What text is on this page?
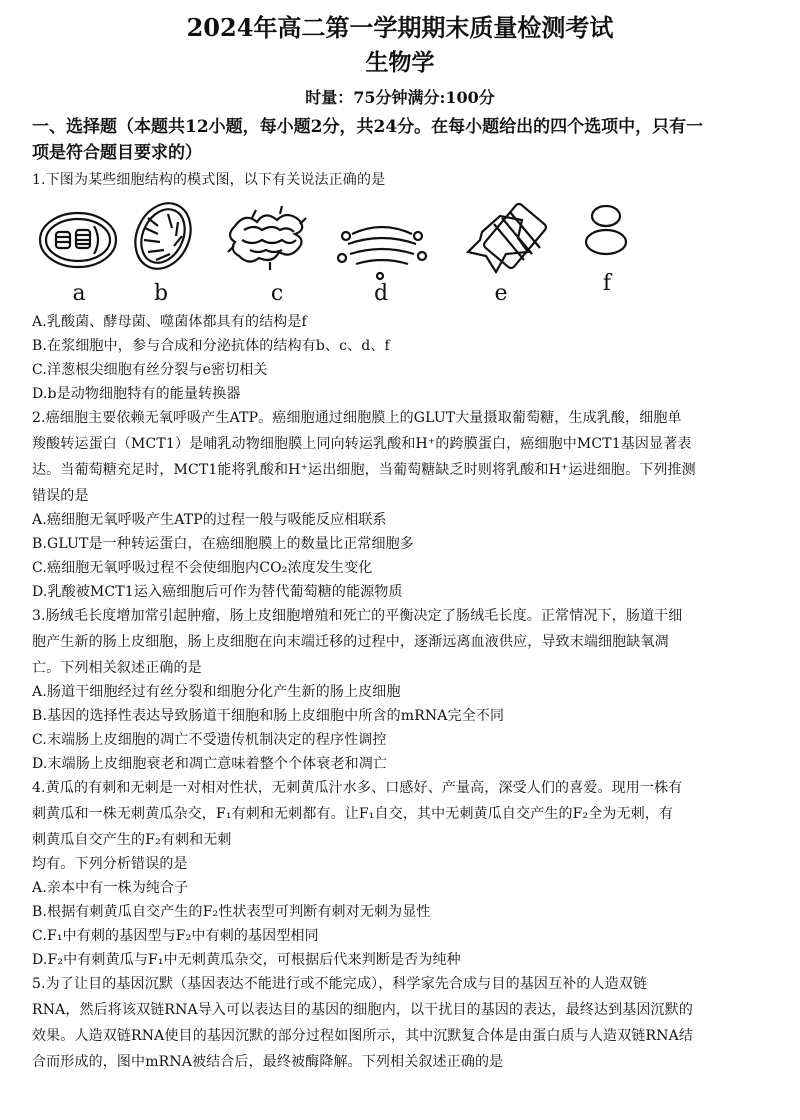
2024年高二第一学期期末质量检测考试
生物学
时量：75分钟满分:100分
一、选择题（本题共12小题，每小题2分，共24分。在每小题给出的四个选项中，只有一
项是符合题目要求的）
1.下图为某些细胞结构的模式图，以下有关说法正确的是
a	b	c	d	e	f
A.乳酸菌、酵母菌、噬菌体都具有的结构是f
B.在浆细胞中，参与合成和分泌抗体的结构有b、c、d、f
C.洋葱根尖细胞有丝分裂与e密切相关
D.b是动物细胞特有的能量转换器
2.癌细胞主要依赖无氧呼吸产生ATP。癌细胞通过细胞膜上的GLUT大量摄取葡萄糖，生成乳酸，细胞单
羧酸转运蛋白（MCT1）是哺乳动物细胞膜上同向转运乳酸和H⁺的跨膜蛋白，癌细胞中MCT1基因显著表
达。当葡萄糖充足时，MCT1能将乳酸和H⁺运出细胞，当葡萄糖缺乏时则将乳酸和H⁺运进细胞。下列推测
错误的是
A.癌细胞无氧呼吸产生ATP的过程一般与吸能反应相联系
B.GLUT是一种转运蛋白，在癌细胞膜上的数量比正常细胞多
C.癌细胞无氧呼吸过程不会使细胞内CO₂浓度发生变化
D.乳酸被MCT1运入癌细胞后可作为替代葡萄糖的能源物质
3.肠绒毛长度增加常引起肿瘤，肠上皮细胞增殖和死亡的平衡决定了肠绒毛长度。正常情况下，肠道干细
胞产生新的肠上皮细胞，肠上皮细胞在向末端迁移的过程中，逐渐远离血液供应，导致末端细胞缺氧凋
亡。下列相关叙述正确的是
A.肠道干细胞经过有丝分裂和细胞分化产生新的肠上皮细胞
B.基因的选择性表达导致肠道干细胞和肠上皮细胞中所含的mRNA完全不同
C.末端肠上皮细胞的凋亡不受遗传机制决定的程序性调控
D.末端肠上皮细胞衰老和凋亡意味着整个个体衰老和凋亡
4.黄瓜的有刺和无刺是一对相对性状，无刺黄瓜汁水多、口感好、产量高，深受人们的喜爱。现用一株有
刺黄瓜和一株无刺黄瓜杂交，F₁有刺和无刺都有。让F₁自交，其中无刺黄瓜自交产生的F₂全为无刺，有
刺黄瓜自交产生的F₂有刺和无刺
均有。下列分析错误的是
A.亲本中有一株为纯合子
B.根据有刺黄瓜自交产生的F₂性状表型可判断有刺对无刺为显性
C.F₁中有刺的基因型与F₂中有刺的基因型相同
D.F₂中有刺黄瓜与F₁中无刺黄瓜杂交，可根据后代来判断是否为纯种
5.为了让目的基因沉默（基因表达不能进行或不能完成），科学家先合成与目的基因互补的人造双链
RNA，然后将该双链RNA导入可以表达目的基因的细胞内，以干扰目的基因的表达，最终达到基因沉默的
效果。人造双链RNA使目的基因沉默的部分过程如图所示，其中沉默复合体是由蛋白质与人造双链RNA结
合而形成的，图中mRNA被结合后，最终被酶降解。下列相关叙述正确的是
